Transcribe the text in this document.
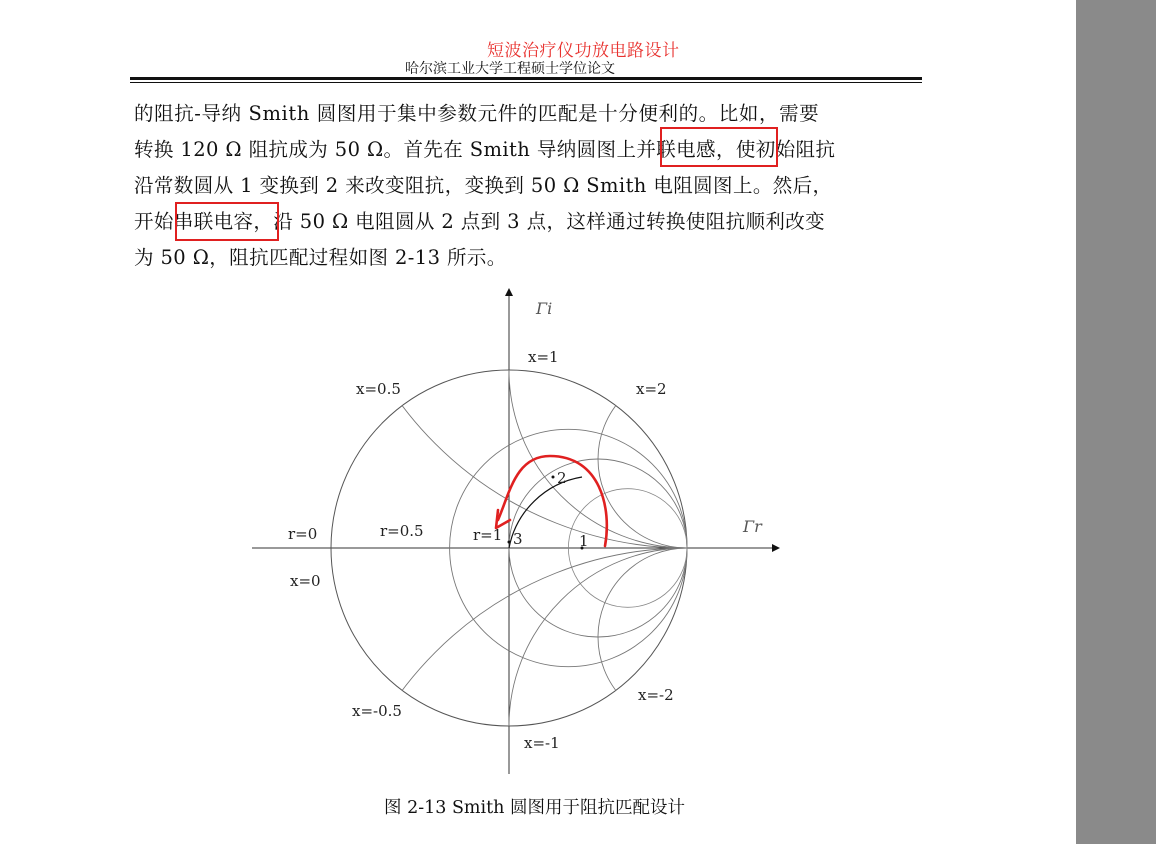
短波治疗仪功放电路设计
哈尔滨工业大学工程硕士学位论文
的阻抗-导纳 Smith 圆图用于集中参数元件的匹配是十分便利的。比如，需要
转换 120 Ω 阻抗成为 50 Ω。首先在 Smith 导纳圆图上并联电感，使初始阻抗
沿常数圆从 1 变换到 2 来改变阻抗，变换到 50 Ω Smith 电阻圆图上。然后，
开始串联电容，沿 50 Ω 电阻圆从 2 点到 3 点，这样通过转换使阻抗顺利改变
为 50 Ω，阻抗匹配过程如图 2-13 所示。
Γi
Γr
r=0	r=0.5	r=1
x=1
x=2
x=0.5
x=0
x=-0.5
x=-1
x=-2
1
2
3
图 2-13 Smith 圆图用于阻抗匹配设计
